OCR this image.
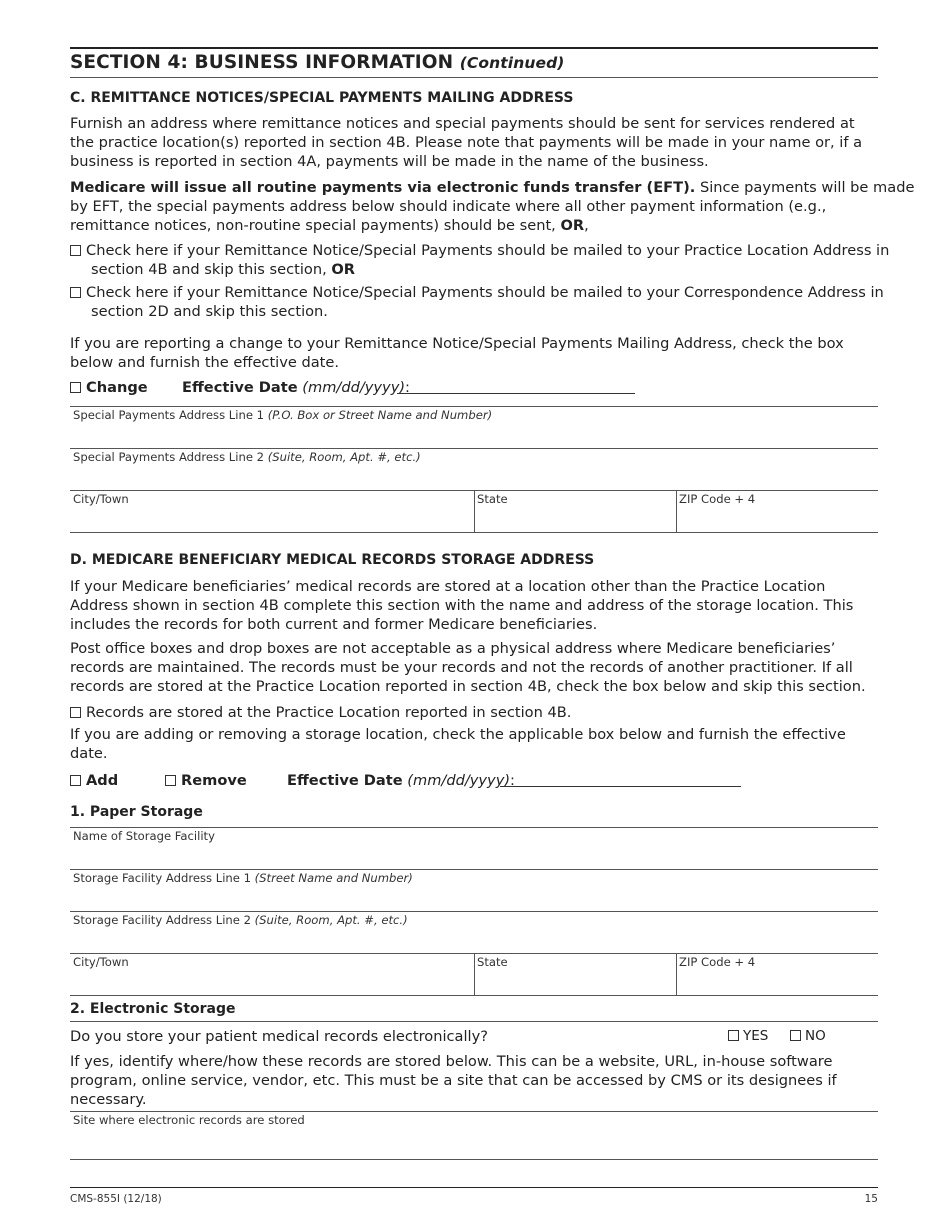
SECTION 4: BUSINESS INFORMATION (Continued)
C. REMITTANCE NOTICES/SPECIAL PAYMENTS MAILING ADDRESS
Furnish an address where remittance notices and special payments should be sent for services rendered at
the practice location(s) reported in section 4B. Please note that payments will be made in your name or, if a
business is reported in section 4A, payments will be made in the name of the business.
Medicare will issue all routine payments via electronic funds transfer (EFT). Since payments will be made
by EFT, the special payments address below should indicate where all other payment information (e.g.,
remittance notices, non-routine special payments) should be sent, OR,
Check here if your Remittance Notice/Special Payments should be mailed to your Practice Location Address in
section 4B and skip this section, OR
Check here if your Remittance Notice/Special Payments should be mailed to your Correspondence Address in
section 2D and skip this section.
If you are reporting a change to your Remittance Notice/Special Payments Mailing Address, check the box
below and furnish the effective date.
Change Effective Date (mm/dd/yyyy):
Special Payments Address Line 1 (P.O. Box or Street Name and Number)
Special Payments Address Line 2 (Suite, Room, Apt. #, etc.)
City/Town	State	ZIP Code + 4
D. MEDICARE BENEFICIARY MEDICAL RECORDS STORAGE ADDRESS
If your Medicare beneficiaries’ medical records are stored at a location other than the Practice Location
Address shown in section 4B complete this section with the name and address of the storage location. This
includes the records for both current and former Medicare beneficiaries.
Post office boxes and drop boxes are not acceptable as a physical address where Medicare beneficiaries’
records are maintained. The records must be your records and not the records of another practitioner. If all
records are stored at the Practice Location reported in section 4B, check the box below and skip this section.
Records are stored at the Practice Location reported in section 4B.
If you are adding or removing a storage location, check the applicable box below and furnish the effective
date.
Add	Remove	Effective Date (mm/dd/yyyy):
1. Paper Storage
Name of Storage Facility
Storage Facility Address Line 1 (Street Name and Number)
Storage Facility Address Line 2 (Suite, Room, Apt. #, etc.)
City/Town	State	ZIP Code + 4
2. Electronic Storage
Do you store your patient medical records electronically?	YES	NO
If yes, identify where/how these records are stored below. This can be a website, URL, in-house software
program, online service, vendor, etc. This must be a site that can be accessed by CMS or its designees if
necessary.
Site where electronic records are stored
CMS-855I (12/18)	15
